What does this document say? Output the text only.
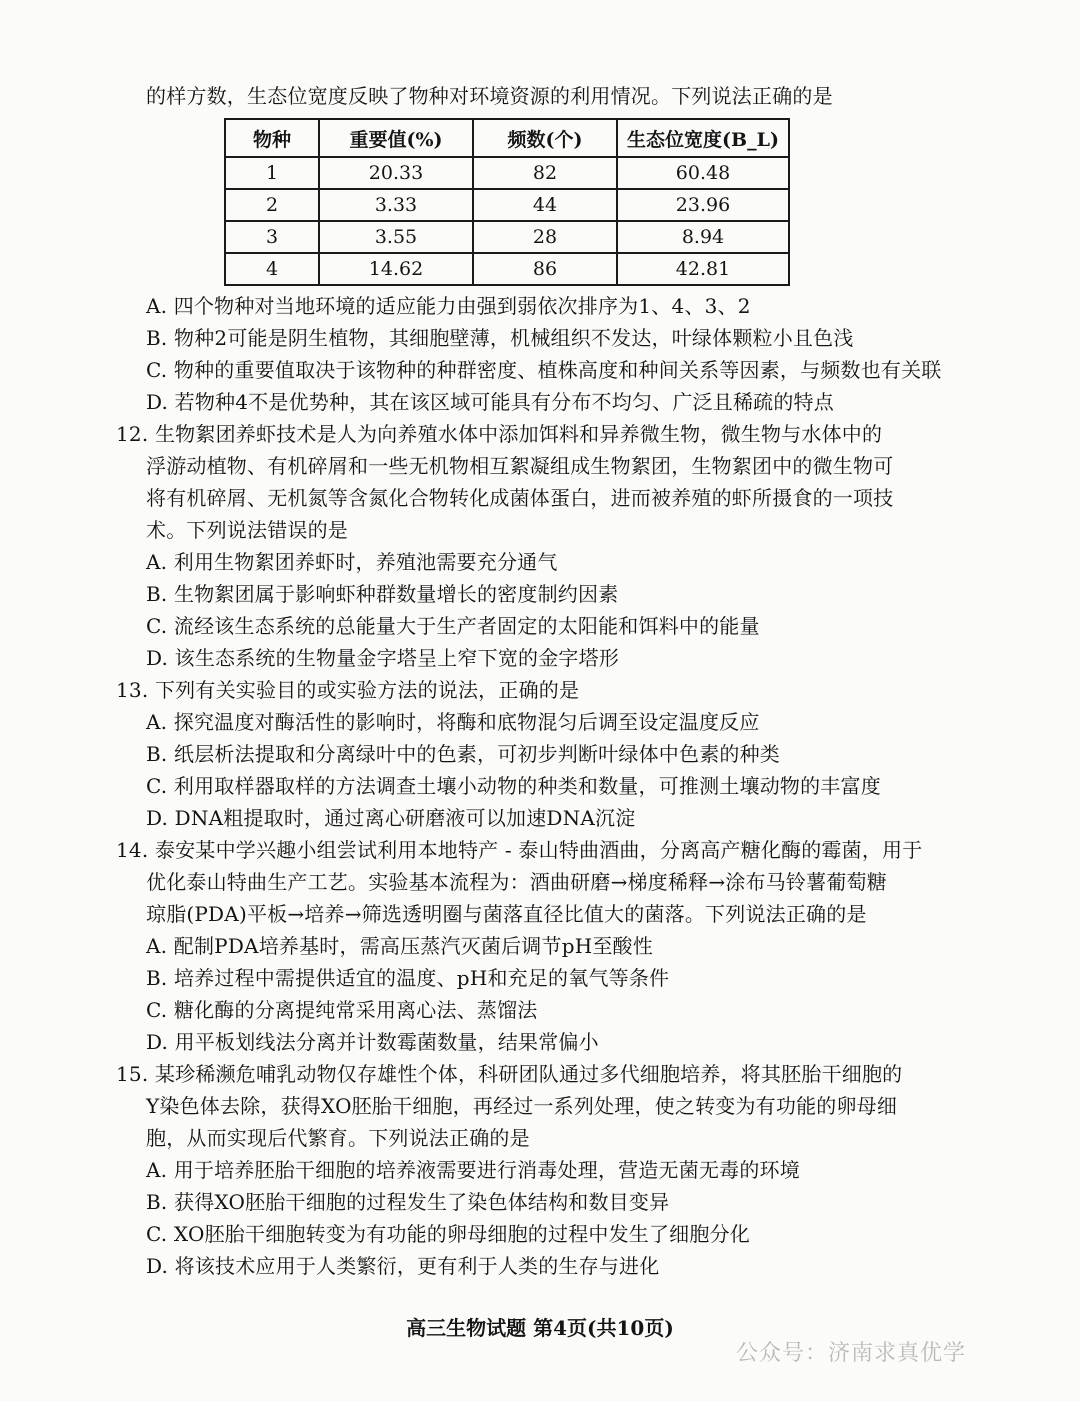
的样方数，生态位宽度反映了物种对环境资源的利用情况。下列说法正确的是
物种	重要值(%)	频数(个)	生态位宽度(B_L)
1	20.33	82	60.48
2	3.33	44	23.96
3	3.55	28	8.94
4	14.62	86	42.81
A. 四个物种对当地环境的适应能力由强到弱依次排序为1、4、3、2
B. 物种2可能是阴生植物，其细胞壁薄，机械组织不发达，叶绿体颗粒小且色浅
C. 物种的重要值取决于该物种的种群密度、植株高度和种间关系等因素，与频数也有关联
D. 若物种4不是优势种，其在该区域可能具有分布不均匀、广泛且稀疏的特点
12. 生物絮团养虾技术是人为向养殖水体中添加饵料和异养微生物，微生物与水体中的
浮游动植物、有机碎屑和一些无机物相互絮凝组成生物絮团，生物絮团中的微生物可
将有机碎屑、无机氮等含氮化合物转化成菌体蛋白，进而被养殖的虾所摄食的一项技
术。下列说法错误的是
A. 利用生物絮团养虾时，养殖池需要充分通气
B. 生物絮团属于影响虾种群数量增长的密度制约因素
C. 流经该生态系统的总能量大于生产者固定的太阳能和饵料中的能量
D. 该生态系统的生物量金字塔呈上窄下宽的金字塔形
13. 下列有关实验目的或实验方法的说法，正确的是
A. 探究温度对酶活性的影响时，将酶和底物混匀后调至设定温度反应
B. 纸层析法提取和分离绿叶中的色素，可初步判断叶绿体中色素的种类
C. 利用取样器取样的方法调查土壤小动物的种类和数量，可推测土壤动物的丰富度
D. DNA粗提取时，通过离心研磨液可以加速DNA沉淀
14. 泰安某中学兴趣小组尝试利用本地特产 - 泰山特曲酒曲，分离高产糖化酶的霉菌，用于
优化泰山特曲生产工艺。实验基本流程为：酒曲研磨→梯度稀释→涂布马铃薯葡萄糖
琼脂(PDA)平板→培养→筛选透明圈与菌落直径比值大的菌落。下列说法正确的是
A. 配制PDA培养基时，需高压蒸汽灭菌后调节pH至酸性
B. 培养过程中需提供适宜的温度、pH和充足的氧气等条件
C. 糖化酶的分离提纯常采用离心法、蒸馏法
D. 用平板划线法分离并计数霉菌数量，结果常偏小
15. 某珍稀濒危哺乳动物仅存雄性个体，科研团队通过多代细胞培养，将其胚胎干细胞的
Y染色体去除，获得XO胚胎干细胞，再经过一系列处理，使之转变为有功能的卵母细
胞，从而实现后代繁育。下列说法正确的是
A. 用于培养胚胎干细胞的培养液需要进行消毒处理，营造无菌无毒的环境
B. 获得XO胚胎干细胞的过程发生了染色体结构和数目变异
C. XO胚胎干细胞转变为有功能的卵母细胞的过程中发生了细胞分化
D. 将该技术应用于人类繁衍，更有利于人类的生存与进化
高三生物试题 第4页(共10页)
公众号：济南求真优学
